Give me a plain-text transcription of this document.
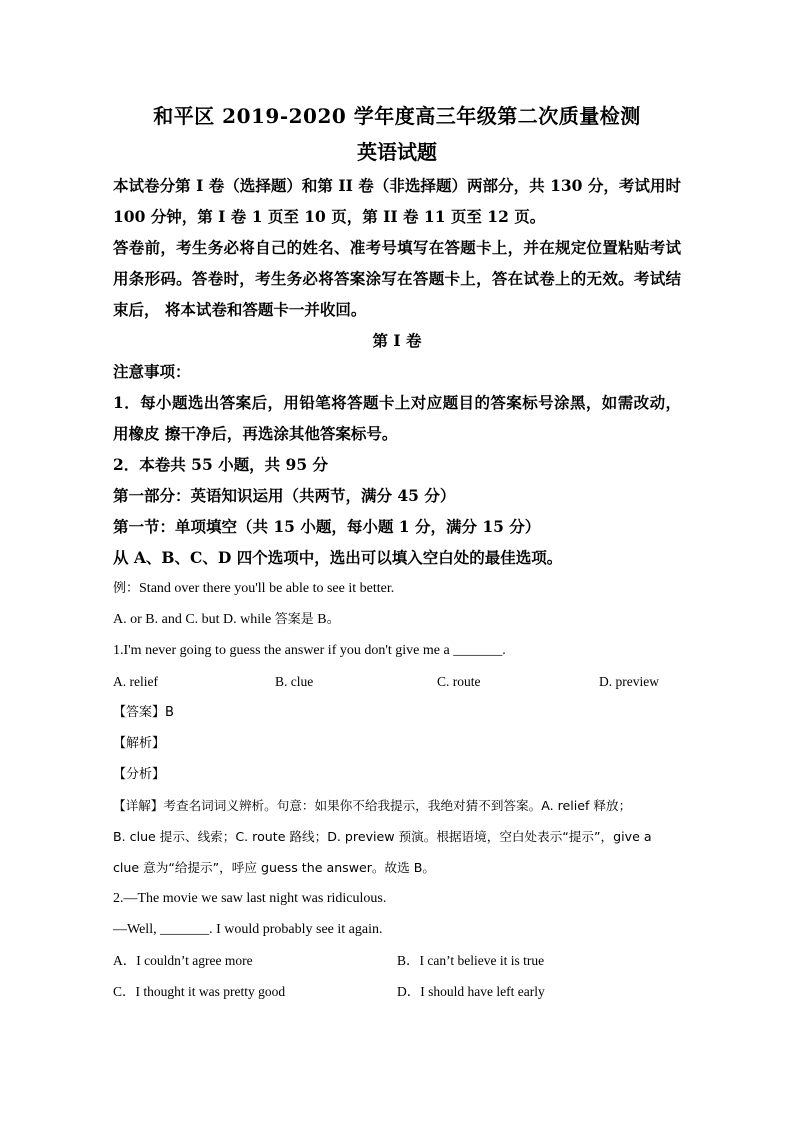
和平区 2019-2020 学年度高三年级第二次质量检测

英语试题

本试卷分第 I 卷（选择题）和第 II 卷（非选择题）两部分，共 130 分，考试用时 100 分钟，第 I 卷 1 页至 10 页，第 II 卷 11 页至 12 页。

答卷前，考生务必将自己的姓名、准考号填写在答题卡上，并在规定位置粘贴考试 用条形码。答卷时，考生务必将答案涂写在答题卡上，答在试卷上的无效。考试结束后， 将本试卷和答题卡一并收回。

第 I 卷

注意事项：

1．每小题选出答案后，用铅笔将答题卡上对应题目的答案标号涂黑，如需改动，用橡皮 擦干净后，再选涂其他答案标号。

2．本卷共 55 小题，共 95 分

第一部分：英语知识运用（共两节，满分 45 分）

第一节：单项填空（共 15 小题，每小题 1 分，满分 15 分）

从 A、B、C、D 四个选项中，选出可以填入空白处的最佳选项。

例：Stand over there you'll be able to see it better.

A. or B. and C. but D. while 答案是 B。

1.I'm never going to guess the answer if you don't give me a _______.

A. relief	B. clue	C. route	D. preview

【答案】B

【解析】

【分析】

【详解】考查名词词义辨析。句意：如果你不给我提示，我绝对猜不到答案。A. relief 释放；

B. clue 提示、线索；C. route 路线；D. preview 预演。根据语境，空白处表示“提示”，give a

clue 意为“给提示”，呼应 guess the answer。故选 B。

2.—The movie we saw last night was ridiculous.

—Well, _______. I would probably see it again.

A．I couldn’t agree more	B．I can’t believe it is true
C．I thought it was pretty good	D．I should have left early
